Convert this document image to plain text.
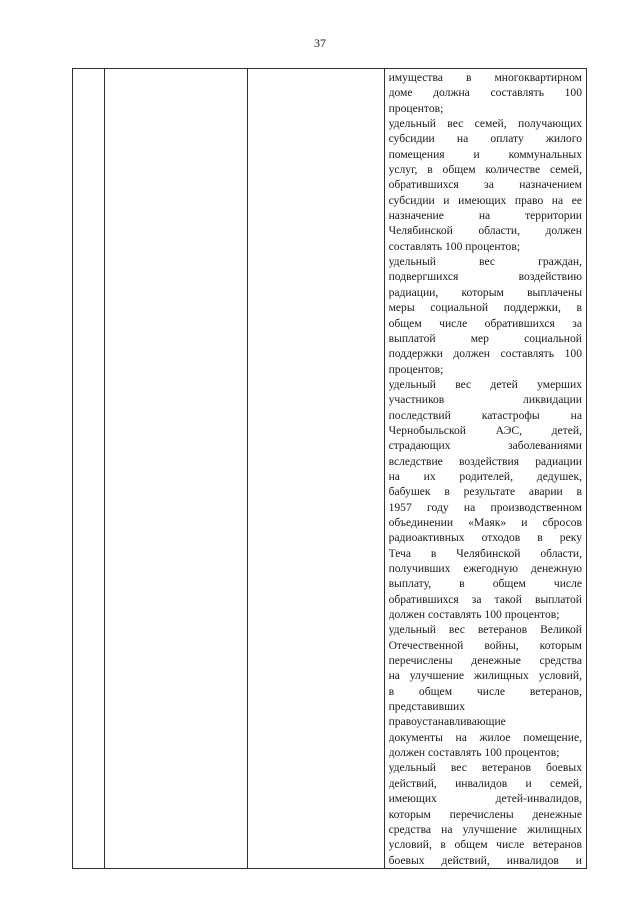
37

имущества в многоквартирном
доме должна составлять 100
процентов;
удельный вес семей, получающих
субсидии на оплату жилого
помещения и коммунальных
услуг, в общем количестве семей,
обратившихся за назначением
субсидии и имеющих право на ее
назначение на территории
Челябинской области, должен
составлять 100 процентов;
удельный вес граждан,
подвергшихся воздействию
радиации, которым выплачены
меры социальной поддержки, в
общем числе обратившихся за
выплатой мер социальной
поддержки должен составлять 100
процентов;
удельный вес детей умерших
участников ликвидации
последствий катастрофы на
Чернобыльской АЭС, детей,
страдающих заболеваниями
вследствие воздействия радиации
на их родителей, дедушек,
бабушек в результате аварии в
1957 году на производственном
объединении «Маяк» и сбросов
радиоактивных отходов в реку
Теча в Челябинской области,
получивших ежегодную денежную
выплату, в общем числе
обратившихся за такой выплатой
должен составлять 100 процентов;
удельный вес ветеранов Великой
Отечественной войны, которым
перечислены денежные средства
на улучшение жилищных условий,
в общем числе ветеранов,
представивших
правоустанавливающие
документы на жилое помещение,
должен составлять 100 процентов;
удельный вес ветеранов боевых
действий, инвалидов и семей,
имеющих детей-инвалидов,
которым перечислены денежные
средства на улучшение жилищных
условий, в общем числе ветеранов
боевых действий, инвалидов и
